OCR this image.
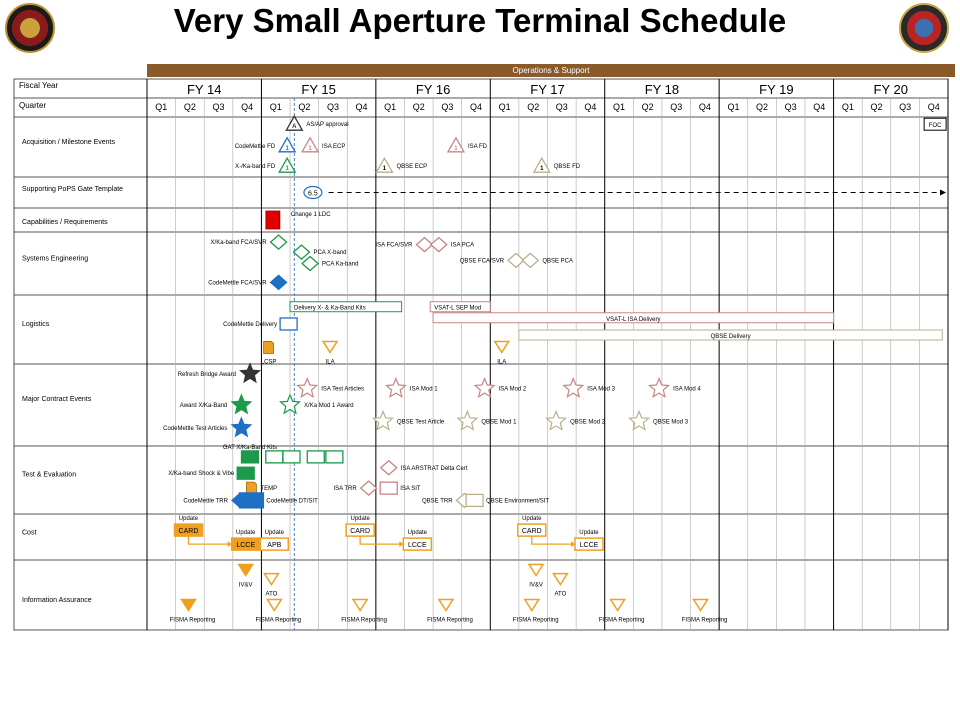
Very Small Aperture Terminal Schedule
Operations & Support
Fiscal Year
Quarter
FY 14
Q1 Q2 Q3 Q4
FY 15
Q1 Q2 Q3 Q4
FY 16
Q1 Q2 Q3 Q4
FY 17
Q1 Q2 Q3 Q4
FY 18
Q1 Q2 Q3 Q4
FY 19
Q1 Q2 Q3 Q4
FY 20
Q1 Q2 Q3 Q4
Acquisition / Milestone Events
Supporting PoPS Gate Template
Capabilities / Requirements
Systems Engineering
Logistics
Major Contract Events
Test & Evaluation
Cost
Information Assurance
A AS/AP approval
1
CodeMettle FD	1 ISA ECP	1 ISA FD
1
X-/Ka-band FD	1 QBSE ECP	1 QBSE FD
6.5
Change 1 LDC
X/Ka-band FCA/SVR
PCA X-band
PCA Ka-band
ISA FCA/SVR	ISA PCA
QBSE FCA/SVR	QBSE PCA
CodeMettle FCA/SVR
Delivery X- & Ka-Band Kits	VSAT-L SEP Mod
VSAT-L ISA Delivery
QBSE Delivery
CodeMettle Delivery
LCSP	ILA	ILA
Refresh Bridge Award
ISA Test Articles	ISA Mod 1	ISA Mod 2	ISA Mod 3	ISA Mod 4
Award X/Ka-Band	X/Ka Mod 1 Award
CodeMettle Test Articles
QBSE Test Article	QBSE Mod 1	QBSE Mod 2	QBSE Mod 3
GAT X/Ka-Band Kits
X/Ka-band Shock & Vibe
ISA ARSTRAT Delta Cert
TEMP	ISA TRR	ISA SIT
CodeMettle TRR	CodeMettle DT/SIT	QBSE TRR	QBSE Environment/SIT
IV&V
ATO
IV&V
ATO
CARD
Update
LCCE
Update	CARD
Update
LCCE
Update	CARD
Update
LCCE
Update
APB
Update
FISMA Reporting	FISMA Reporting	FISMA Reporting	FISMA Reporting	FISMA Reporting	FISMA Reporting	FISMA Reporting
FOC
